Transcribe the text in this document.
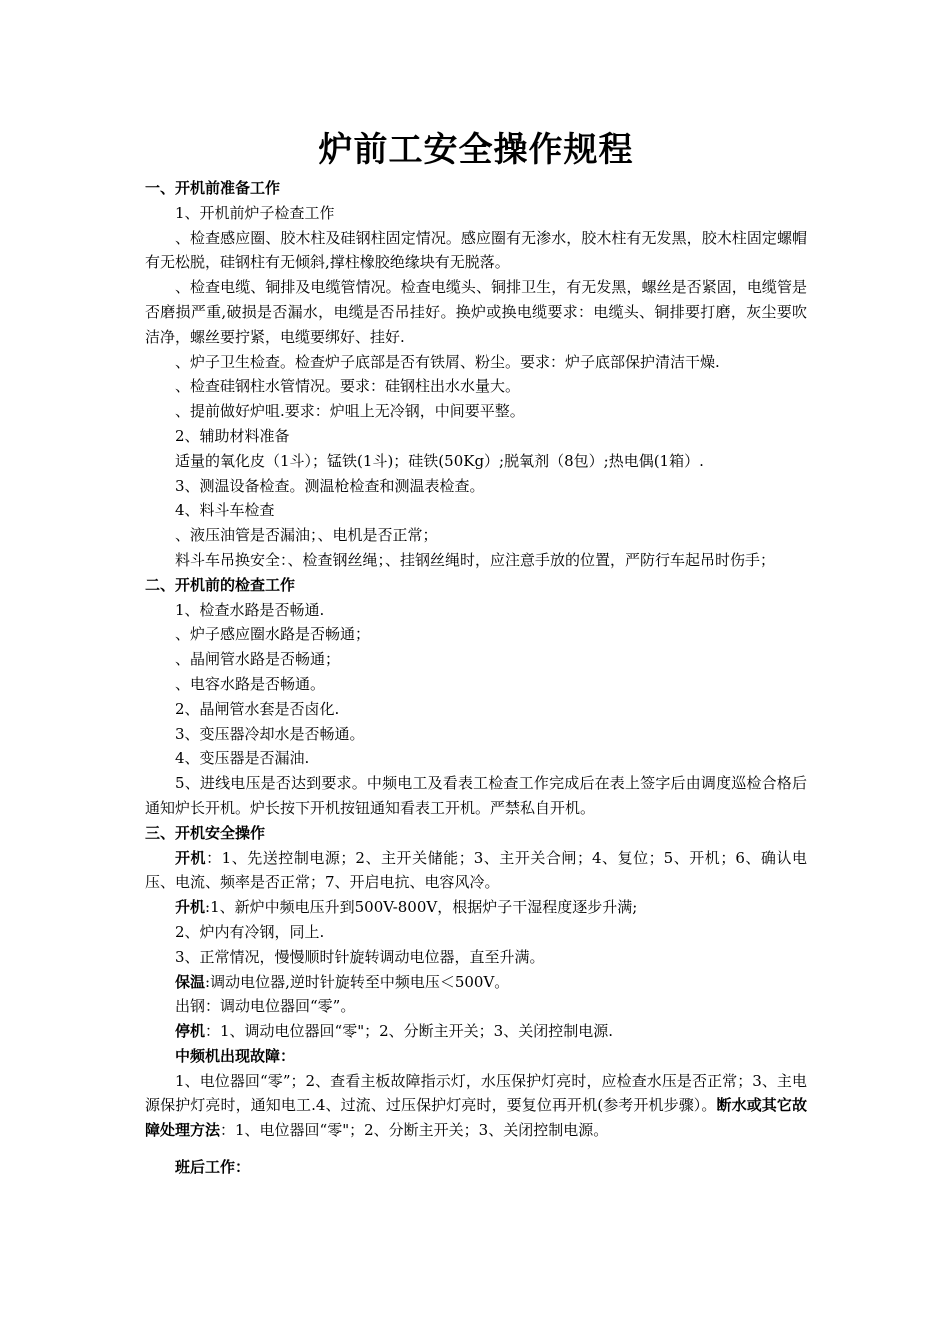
炉前工安全操作规程
一、开机前准备工作

1、开机前炉子检查工作

、检查感应圈、胶木柱及硅钢柱固定情况。感应圈有无渗水，胶木柱有无发黑，胶木柱固定螺帽有无松脱，硅钢柱有无倾斜,撑柱橡胶绝缘块有无脱落。

、检查电缆、铜排及电缆管情况。检查电缆头、铜排卫生，有无发黑，螺丝是否紧固，电缆管是否磨损严重,破损是否漏水，电缆是否吊挂好。换炉或换电缆要求：电缆头、铜排要打磨，灰尘要吹洁净，螺丝要拧紧，电缆要绑好、挂好.

、炉子卫生检查。检查炉子底部是否有铁屑、粉尘。要求：炉子底部保护清洁干燥.

、检查硅钢柱水管情况。要求：硅钢柱出水水量大。

、提前做好炉咀.要求：炉咀上无冷钢，中间要平整。

2、辅助材料准备

适量的氧化皮（1斗）；锰铁(1斗)；硅铁(50Kg）;脱氧剂（8包）;热电偶(1箱）.

3、测温设备检查。测温枪检查和测温表检查。

4、料斗车检查

、液压油管是否漏油；、电机是否正常；

料斗车吊换安全：、检查钢丝绳；、挂钢丝绳时，应注意手放的位置，严防行车起吊时伤手；

二、开机前的检查工作

1、检查水路是否畅通.

、炉子感应圈水路是否畅通；

、晶闸管水路是否畅通；

、电容水路是否畅通。

2、晶闸管水套是否卤化.

3、变压器冷却水是否畅通。

4、变压器是否漏油.

5、进线电压是否达到要求。中频电工及看表工检查工作完成后在表上签字后由调度巡检合格后通知炉长开机。炉长按下开机按钮通知看表工开机。严禁私自开机。

三、开机安全操作

开机：1、先送控制电源；2、主开关储能；3、主开关合闸；4、复位；5、开机；6、确认电压、电流、频率是否正常；7、开启电抗、电容风冷。

升机:1、新炉中频电压升到500V-800V，根据炉子干湿程度逐步升满;

2、炉内有冷钢，同上.

3、正常情况，慢慢顺时针旋转调动电位器，直至升满。

保温:调动电位器,逆时针旋转至中频电压＜500V。

出钢：调动电位器回“零”。

停机：1、调动电位器回“零"；2、分断主开关；3、关闭控制电源.

中频机出现故障：

1、电位器回“零”；2、查看主板故障指示灯，水压保护灯亮时，应检查水压是否正常；3、主电源保护灯亮时，通知电工.4、过流、过压保护灯亮时，要复位再开机(参考开机步骤）。断水或其它故障处理方法：1、电位器回“零"；2、分断主开关；3、关闭控制电源。

班后工作：
